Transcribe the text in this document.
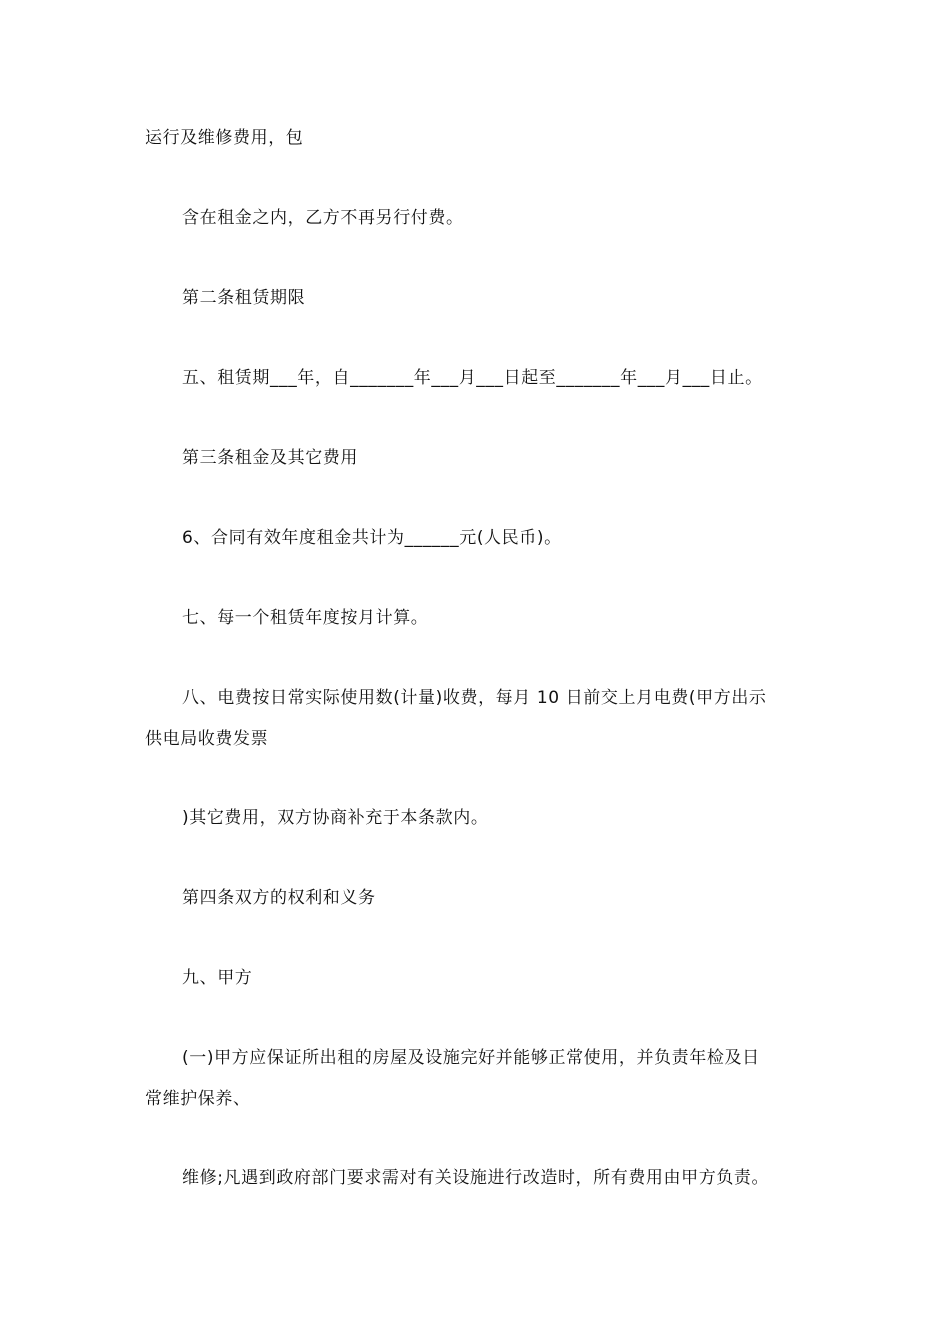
运行及维修费用，包
含在租金之内，乙方不再另行付费。
第二条租赁期限
五、租赁期___年，自_______年___月___日起至_______年___月___日止。
第三条租金及其它费用
6、合同有效年度租金共计为______元(人民币)。
七、每一个租赁年度按月计算。
八、电费按日常实际使用数(计量)收费，每月 10 日前交上月电费(甲方出示
供电局收费发票
)其它费用，双方协商补充于本条款内。
第四条双方的权利和义务
九、甲方
(一)甲方应保证所出租的房屋及设施完好并能够正常使用，并负责年检及日
常维护保养、
维修;凡遇到政府部门要求需对有关设施进行改造时，所有费用由甲方负责。
